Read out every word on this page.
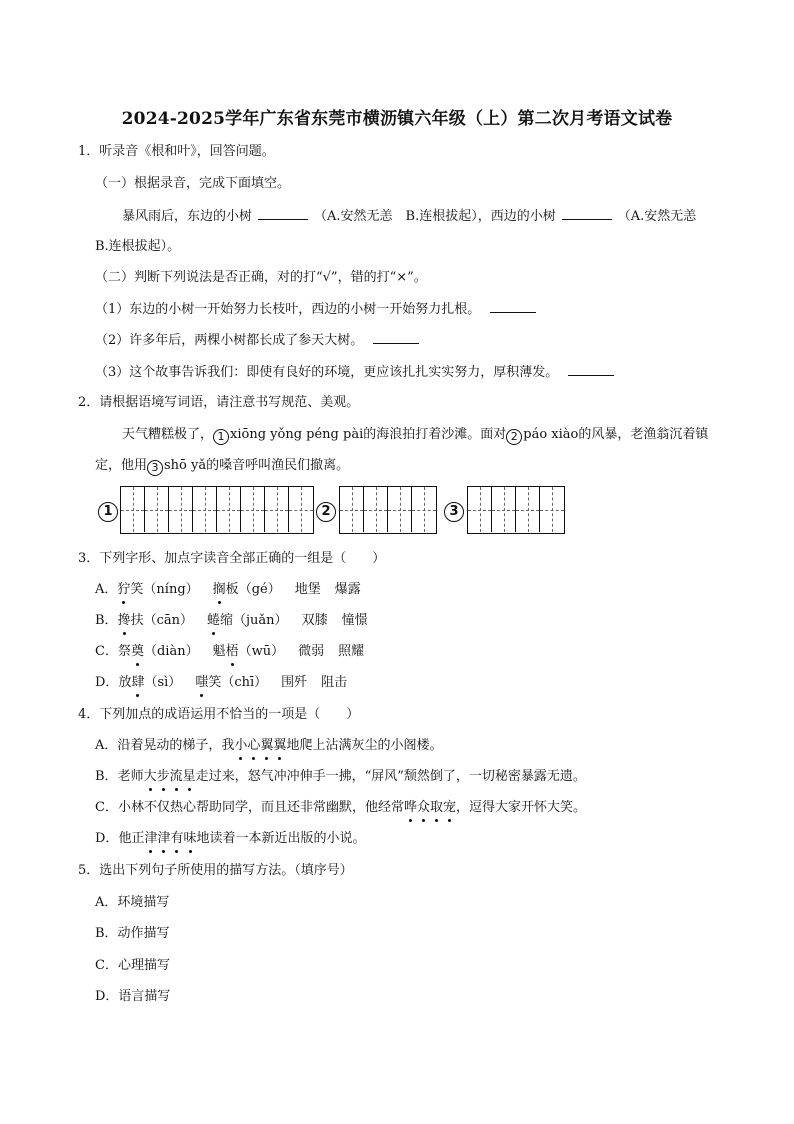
2024-2025学年广东省东莞市横沥镇六年级（上）第二次月考语文试卷
1．听录音《根和叶》，回答问题。
（一）根据录音，完成下面填空。
暴风雨后，东边的小树	（A.安然无恙　B.连根拔起），西边的小树	（A.安然无恙
B.连根拔起）。
（二）判断下列说法是否正确，对的打“√”，错的打“×”。
（1）东边的小树一开始努力长枝叶，西边的小树一开始努力扎根。
（2）许多年后，两棵小树都长成了参天大树。
（3）这个故事告诉我们：即使有良好的环境，更应该扎扎实实努力，厚积薄发。
2．请根据语境写词语，请注意书写规范、美观。
天气糟糕极了， 1 xiōng yǒng péng pài的海浪拍打着沙滩。面对 2 páo xiào的风暴，老渔翁沉着镇
定，他用 3 shō yǎ的嗓音呼叫渔民们撤离。
1	2	3
3．下列字形、加点字读音全部正确的一组是（　　）
A．狞笑（níng） 搁板（gé） 地堡 爆露
B．搀扶（cān） 蜷缩（juǎn） 双膝 憧憬
C．祭奠（diàn） 魁梧（wū） 微弱 照耀
D．放肆（sì） 嗤笑（chī） 围歼 阻击
4．下列加点的成语运用不恰当的一项是（　　）
A．沿着晃动的梯子，我小心翼翼地爬上沾满灰尘的小阁楼。
B．老师大步流星走过来，怒气冲冲伸手一拂，“屏风”颓然倒了，一切秘密暴露无遗。
C．小林不仅热心帮助同学，而且还非常幽默，他经常哗众取宠，逗得大家开怀大笑。
D．他正津津有味地读着一本新近出版的小说。
5．选出下列句子所使用的描写方法。（填序号）
A．环境描写
B．动作描写
C．心理描写
D．语言描写
